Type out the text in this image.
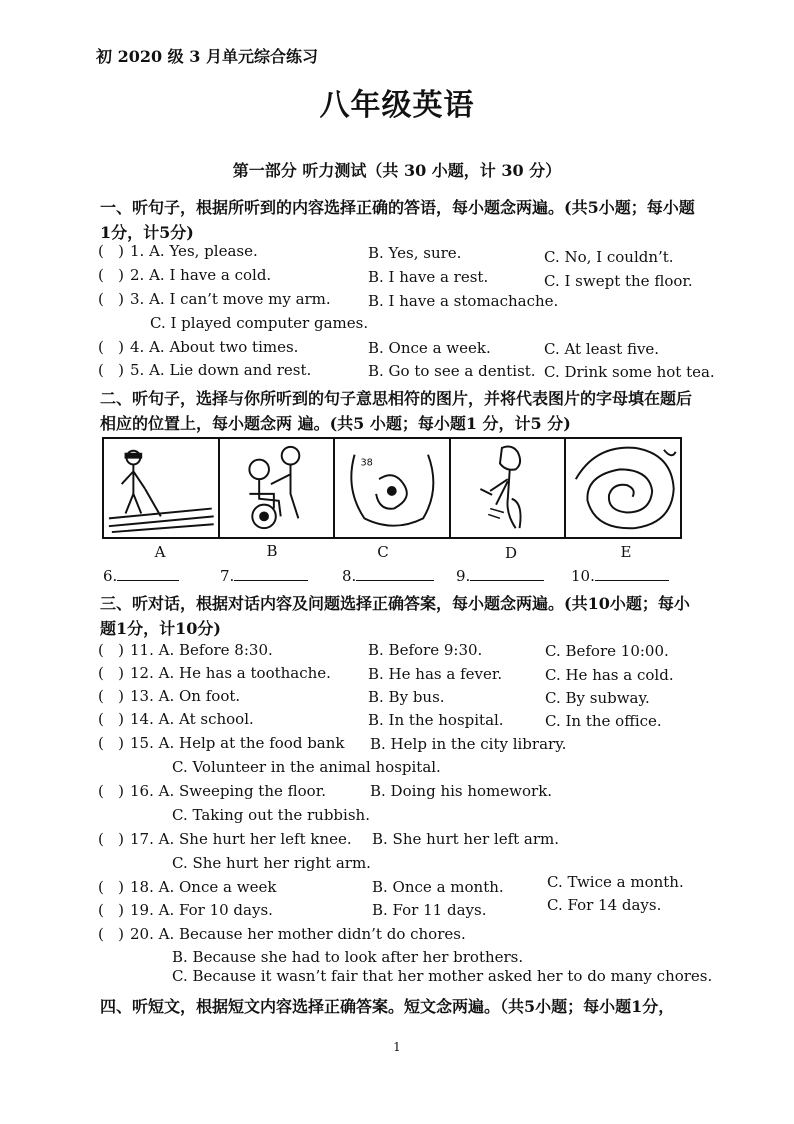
初 2020 级 3 月单元综合练习
八年级英语
第一部分 听力测试（共 30 小题，计 30 分）
一、听句子，根据所听到的内容选择正确的答语，每小题念两遍。(共5小题；每小题1分，计5分)
( ) 1. A. Yes, please.	B. Yes, sure.	C. No, I couldn’t.
( ) 2. A. I have a cold.	B. I have a rest.	C. I swept the floor.
( ) 3. A. I can’t move my arm. B. I have a stomachache.
C. I played computer games.
( ) 4. A. About two times.	B. Once a week.	C. At least five.
( ) 5. A. Lie down and rest.	B. Go to see a dentist. C. Drink some hot tea.
二、听句子，选择与你所听到的句子意思相符的图片，并将代表图片的字母填在题后相应的位置上，每小题念两 遍。(共5 小题；每小题1 分，计5 分)
38
A	B	C	D	E
6.	7.	8.	9.	10.
三、听对话，根据对话内容及问题选择正确答案，每小题念两遍。(共10小题；每小题1分，计10分)
( ) 11. A. Before 8:30.	B. Before 9:30.	C. Before 10:00.
( ) 12. A. He has a toothache. B. He has a fever.	C. He has a cold.
( ) 13. A. On foot.	B. By bus.	C. By subway.
( ) 14. A. At school.	B. In the hospital.	C. In the office.
( ) 15. A. Help at the food bank B. Help in the city library.
C. Volunteer in the animal hospital.
( ) 16. A. Sweeping the floor.	B. Doing his homework.
C. Taking out the rubbish.
( ) 17. A. She hurt her left knee. B. She hurt her left arm.
C. She hurt her right arm.
( ) 18. A. Once a week	B. Once a month.	C. Twice a month.
( ) 19. A. For 10 days.	B. For 11 days.	C. For 14 days.
( ) 20. A. Because her mother didn’t do chores.
B. Because she had to look after her brothers.
C. Because it wasn’t fair that her mother asked her to do many chores.
四、听短文，根据短文内容选择正确答案。短文念两遍。（共5小题；每小题1分，
1
